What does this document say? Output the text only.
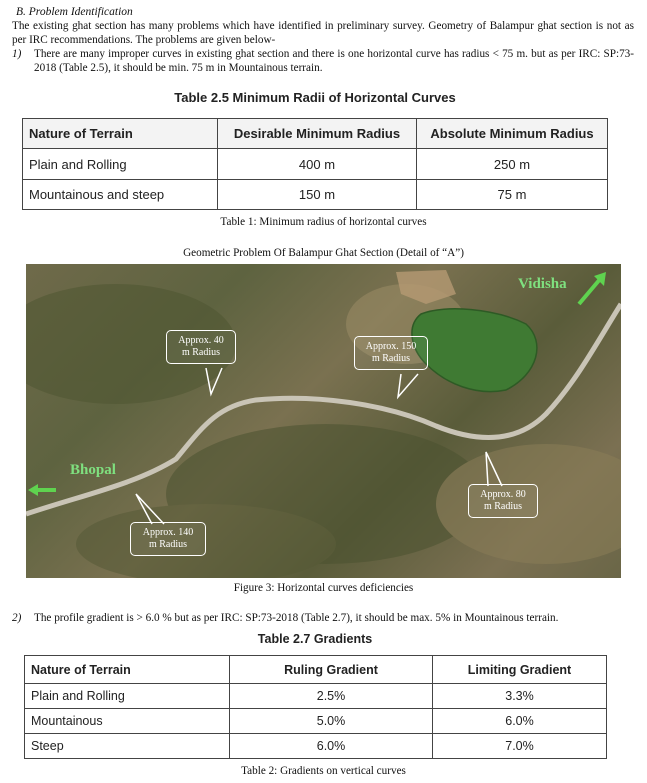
B. Problem Identification
The existing ghat section has many problems which have identified in preliminary survey. Geometry of Balampur ghat section is not as per IRC recommendations. The problems are given below-
1) There are many improper curves in existing ghat section and there is one horizontal curve has radius < 75 m. but as per IRC: SP:73-2018 (Table 2.5), it should be min. 75 m in Mountainous terrain.
Table 2.5 Minimum Radii of Horizontal Curves
Nature of Terrain	Desirable Minimum Radius	Absolute Minimum Radius
Plain and Rolling	400 m	250 m
Mountainous and steep	150 m	75 m
Table 1: Minimum radius of horizontal curves
Geometric Problem Of Balampur Ghat Section (Detail of “A”)
Vidisha
Bhopal
Approx. 40
m Radius
Approx. 150
m Radius
Approx. 80
m Radius
Approx. 140
m Radius
Figure 3: Horizontal curves deficiencies
2) The profile gradient is > 6.0 % but as per IRC: SP:73-2018 (Table 2.7), it should be max. 5% in Mountainous terrain.
Table 2.7 Gradients
Nature of Terrain	Ruling Gradient	Limiting Gradient
Plain and Rolling	2.5%	3.3%
Mountainous	5.0%	6.0%
Steep	6.0%	7.0%
Table 2: Gradients on vertical curves
